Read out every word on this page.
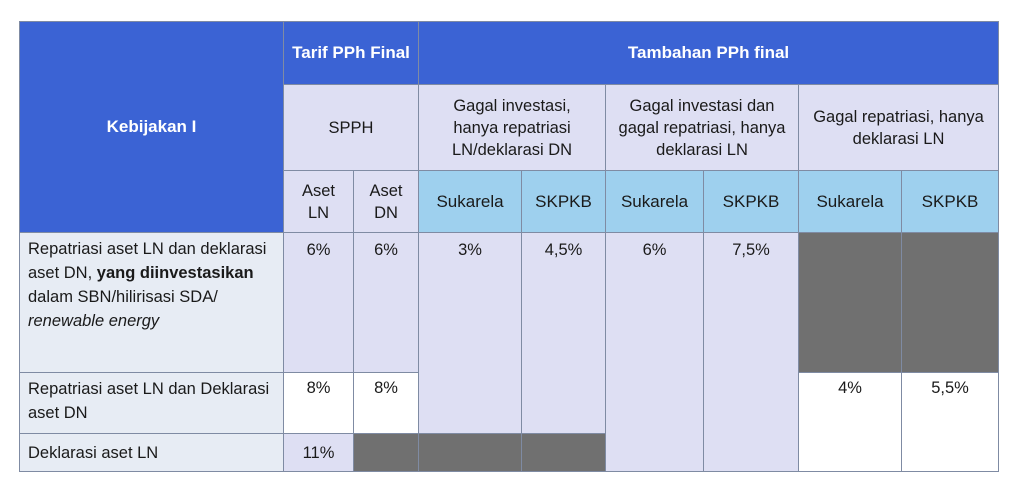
Kebijakan I	Tarif PPh Final		Tambahan PPh final					
	SPPH		Gagal investasi, hanya repatriasi LN/deklarasi DN		Gagal investasi dan gagal repatriasi, hanya deklarasi LN		Gagal repatriasi, hanya deklarasi LN	
	Aset LN	Aset DN	Sukarela	SKPKB	Sukarela	SKPKB	Sukarela	SKPKB
Repatriasi aset LN dan deklarasi aset DN, yang diinvestasikan dalam SBN/hilirisasi SDA/ renewable energy	6%	6%	3%	4,5%	6%	7,5%		
Repatriasi aset LN dan Deklarasi aset DN	8%	8%					4%	5,5%
Deklarasi aset LN	11%							
